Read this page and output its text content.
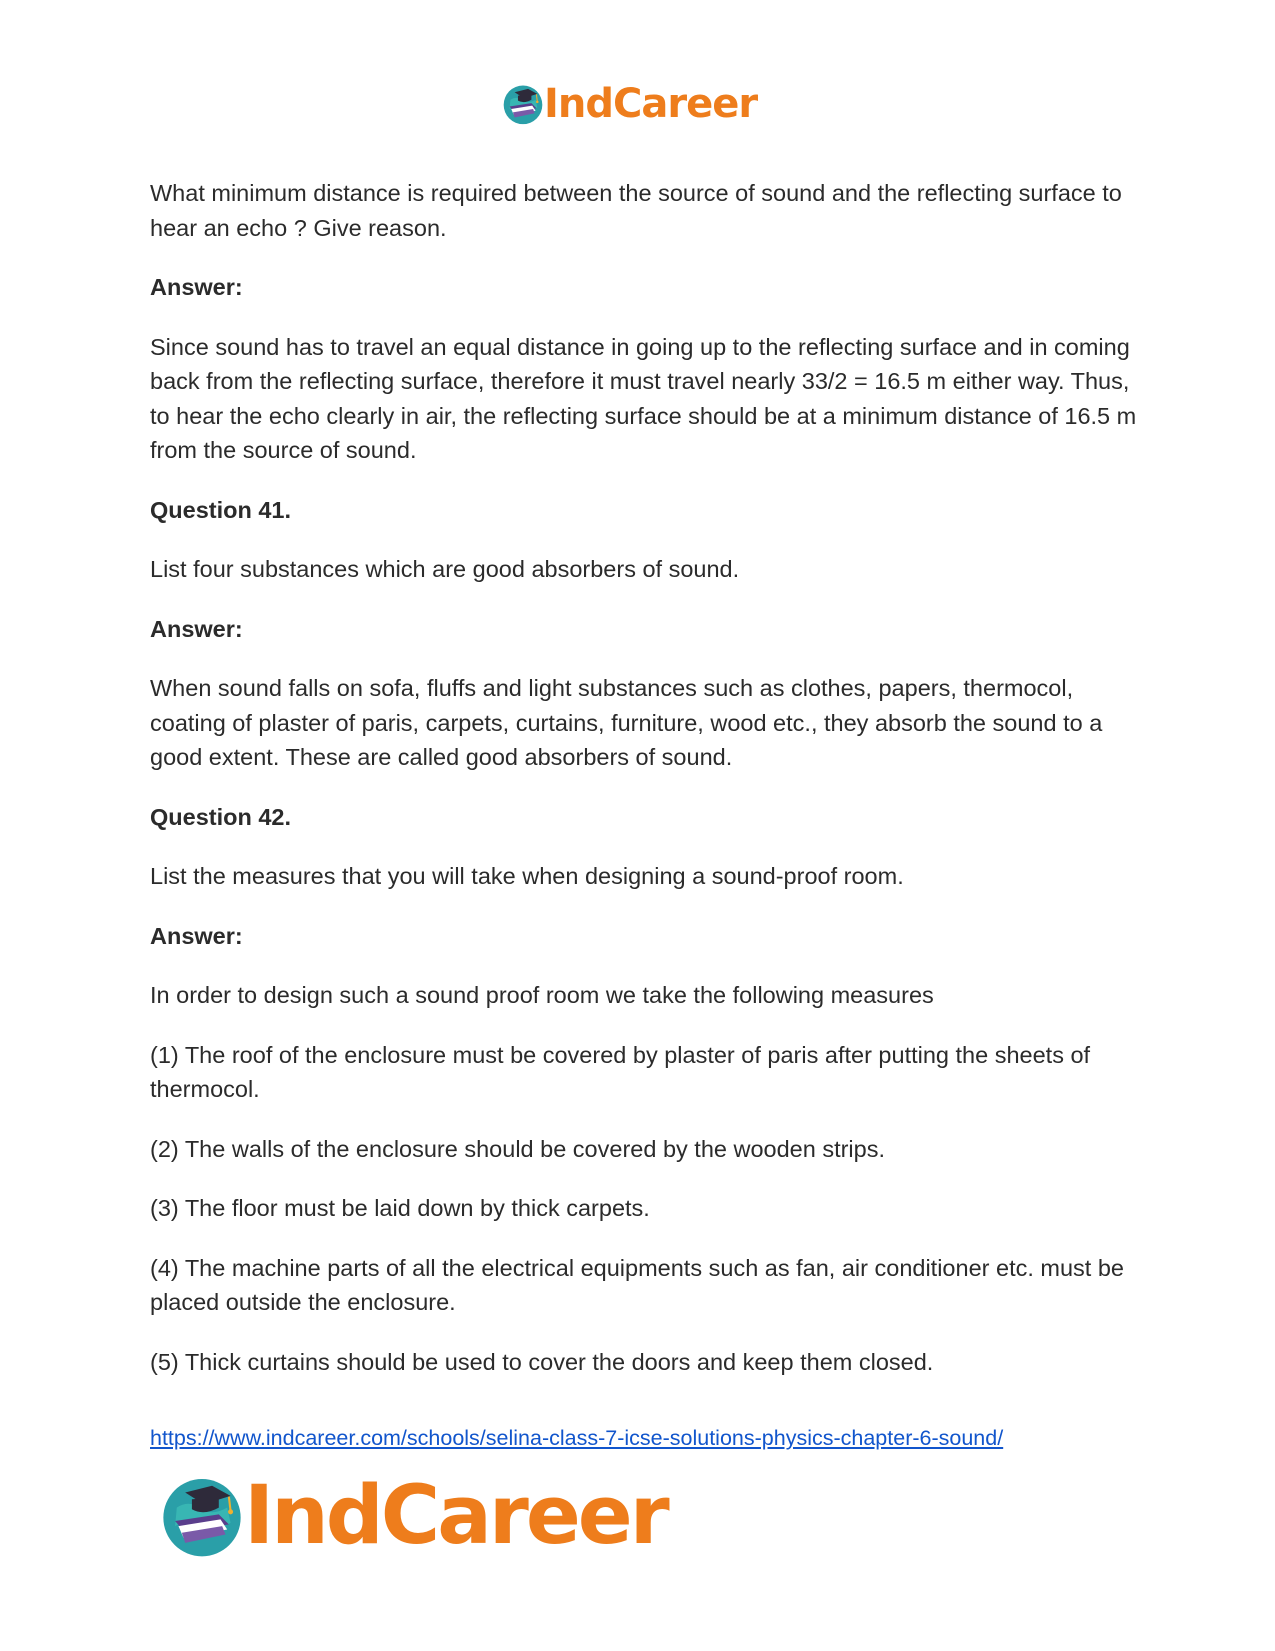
IndCareer

What minimum distance is required between the source of sound and the reflecting surface to hear an echo ? Give reason.

Answer:

Since sound has to travel an equal distance in going up to the reflecting surface and in coming back from the reflecting surface, therefore it must travel nearly 33/2 = 16.5 m either way. Thus, to hear the echo clearly in air, the reflecting surface should be at a minimum distance of 16.5 m from the source of sound.

Question 41.

List four substances which are good absorbers of sound.

Answer:

When sound falls on sofa, fluffs and light substances such as clothes, papers, thermocol, coating of plaster of paris, carpets, curtains, furniture, wood etc., they absorb the sound to a good extent. These are called good absorbers of sound.

Question 42.

List the measures that you will take when designing a sound-proof room.

Answer:

In order to design such a sound proof room we take the following measures

(1) The roof of the enclosure must be covered by plaster of paris after putting the sheets of thermocol.

(2) The walls of the enclosure should be covered by the wooden strips.

(3) The floor must be laid down by thick carpets.

(4) The machine parts of all the electrical equipments such as fan, air conditioner etc. must be placed outside the enclosure.

(5) Thick curtains should be used to cover the doors and keep them closed.

https://www.indcareer.com/schools/selina-class-7-icse-solutions-physics-chapter-6-sound/
IndCareer
